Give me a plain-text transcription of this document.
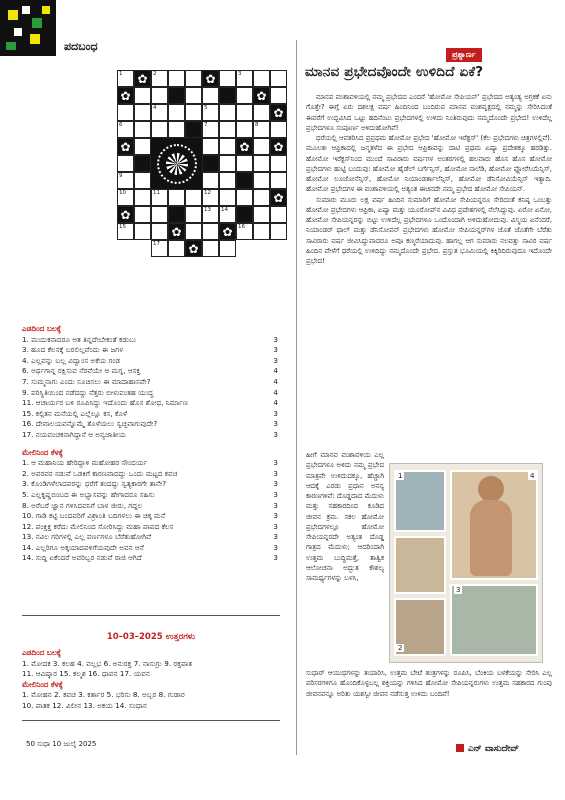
ಪದಬಂಧ
1 ✿ 2	✿	3
✿	✿
4	5	✿
6	7	8
✿	✿ ✿
9
10	11	12	✿
✿	13 14
15	✿	✿ 16
17 ✿
ಎಡದಿಂದ ಬಲಕ್ಕೆ
1. ಮುದುಕನಾದರೂ ಆತ ತಿನ್ನದೇಬೇಕಂತೆ ಕಡುಬು	3
3. ಹೂದ ಕೆಲಸಕ್ಕೆ ಬರಲಿಲ್ಲವೆಂದು ಈ ಜಗಳ	3
4. ಎಲ್ಲವನ್ನು ಬಲ್ಲ ವಿದ್ವಾಂಸ ಅಕೆಯ ಗಂಡ	3
6. ಅರ್ಥಗಾನ್ನ ರಕ್ಷಿಸುವ ನೆರವೆಯೇ ಆ ಮಗ್ನ, ಆಸಕ್ತ	4
7. ಸುಮ್ಮನಾಗು ಎಂದು ಸೂಚಿಸಲು ಈ ಮಾದಾಹಾಸವೇ?	4
9. ಪರಿಸ್ಥಿತಿಯಿಂದ ನಡೆದದ್ದು ನೆತ್ತರು ಬೀಳುವಂತಹ ಯುದ್ಧ	4
11. ಆಚಾರ್ಯರ ಬಳಿ ರೂಪಿಸಿದ್ದು ಇದೊಂದು ಹೊಸ ಶೋಧ, ನಿರ್ಮಾಣ	4
15. ಕಲ್ಪಿತನ ಮನೆಯಲ್ಲಿ ಎಲ್ಲೆಲ್ಲೂ ಕಸ, ಕೊಳೆ	3
16. ದೇವಾಲಯವನ್ನೊಮ್ಮೆ ತೊಳೆಯಲು ಸ್ವಚ್ಛವಾಗುವುದೇ?	3
17. ನಯವಂಚಕನಾಗಿದ್ದಾನೆ ಆ ಅನ್ಯಜಾತೀಯ	3
ಮೇಲಿನಿಂದ ಕೆಳಕ್ಕೆ
1. ಆ ಮಹಾನಿಯ ಹೇರಿದ್ದಾಳಿ ಮಹೋಹರ ಸೌಂದರ್ಯ	3
2. ಅವರವರ ನಡುವೆ ಒಡಕಿಗೆ ಕಾರಣವಾದದ್ದು ಒಂದು ಮಟ್ಟದ ಕವಚ	3
3. ಕೊಂಡಿಗಳೆಲಾದವರನ್ನು ಧರೆಗೆ ತಂದದ್ದು ಸ್ವತ್ಯಕಾರಗೇ ತಾನೇ?	3
5. ಎಲ್ಲಕೃಷ್ಣಬಿಂಬದ ಈ ಅಭ್ಯಾಸವನ್ನು ಹೇಗಾದರೂ ಸಹಿಸು	3
8. ಅರೆಬರೆ ಜ್ಞಾನ ಗಳಿಸಿದವನಿಗೆ ಬಾಳ ಜೀರು, ಗದ್ದಲ	3
10. ಗಾಡಿ ಕಟ್ಟಿ ಬಂದವರಿಗೆ ವಿಶ್ರಾಂತಿ ಬದಿಗಳಲು ಈ ಚಿಕ್ಕ ಮನೆ	3
12. ಪಂಕ್ತಿಕ್ತ ಕರೆದು ಮೇಲಿನಿಂದ ಸೋರಿಸಿದ್ದು ಮಹಾ ಪಾಪದ ಕೆಲಸ	3
13. ನವಿಲ ಗರಿಗಳಲ್ಲಿ ಎಲ್ಲ ವರ್ಣಗಳೂ ಬೆರೆತುಹೋಗಿವೆ	3
14. ಎಲ್ಲರಿಗೂ ಅಕ್ಕಯಾದವಳಿಗೆಯವುದೇ ಅವನ ಆನೆ	3
14. ಸುದ್ದಿ ಏಕೆಂದರೆ ಅವರಿಬ್ಬರ ನಡುವೆ ರಾಜಿ ಆಗಿದೆ	3
10–03–2025 ಉತ್ತರಗಳು
ಎಡದಿಂದ ಬಲಕ್ಕೆ
1. ಮೋದಕ 3. ಕಲಹ 4. ವಲ್ಲಭ 6. ಅನುರಕ್ತ 7. ನಾಸುಗ್ರು 9. ರಕ್ತಪಾತ
11. ಆವಿಷ್ಕಾರ 15. ಕಲ್ಮಶ 16. ಧಾವನ 17. ಯವನ
ಮೇಲಿನಿಂದ ಕೆಳಕ್ಕೆ
1. ಮೋಹನ 2. ಕವಚ 3. ಕರ್ತಾರ 5. ಭರಿಸು 8. ಅಬ್ಬರ 8. ಗುಡಾರ
10. ಪಾತಕ 12. ವಿಲೀನ 13. ಅಕಯ 14. ಸಂಧಾನ
50 ಸುಧಾ 10 ಜುಲೈ 2025
ಪ್ರಶ್ನಾರ್ಣ
ಮಾನವ ಪ್ರಭೇದವೊಂದೇ ಉಳಿದಿದೆ ಏಕೆ?

ಮಾನವ ವಂಶಾವಳಿಯಲ್ಲಿ ನಮ್ಮ ಪ್ರಭೇದದ ಎಂದರೆ 'ಹೋಮೋ ಸೇಪಿಯನ್' ಪ್ರಭೇದದ ಅತ್ಯಂತ್ಯ ಅಗ್ರಕಕೆ ಏನು ಗೊತ್ತೇ? ಈಗ್ಗೆ ಏರು ದಶಲಕ್ಷ ವರ್ಷ ಹಿಂದಿನಿಂದ ಬಂದಿರುವ ಮಾನವ ವಂಶವೃಕ್ಷದಲ್ಲಿ ನಮ್ಮನ್ನು ಸೇರಿಸಿದಂತೆ ಈವರೆಗೆ ಉದ್ಭವಿಸಿದ ಒಟ್ಟು ಹದಿನೆಂಟು ಪ್ರಭೇದಗಳಲ್ಲಿ ಉಳಿದು ನಿಂತಿರುವುದು ನಮ್ಮದೊಂದೇ ಪ್ರಭೇದ! ಉಳಿದೆಲ್ಲ ಪ್ರಭೇದಗಳೂ ಸಂಪೂರ್ಣ ಅಳಿದುಹೋಗಿವೆ!

ಧರೆಯಲ್ಲಿ ಆವತರಿಸಿದ ಪ್ರಪ್ರಥಮ ಹೋಮೋ ಪ್ರಭೇದ 'ಹೋಮೋ ಇರೆಕ್ಟಸ್' (ಕೆಲ ಪ್ರಭೇದಗಳು ಚಿತ್ರಗಳಲ್ಲಿವೆ). ಮೂಲತಃ ಆಫ್ರಿಕಾದಲ್ಲಿ ಜನ್ಮತಳೆದ ಈ ಪ್ರಭೇದ ಆಫ್ರಿಕಾವನ್ನು ದಾಟಿ ಪ್ರಥಮ ಏಷ್ಯಾ ಪ್ರದೇಶಕ್ಕೂ ಹರಡಿತ್ತು. ಹೋಮೋ ಇರೆಕ್ಟಸ್‌ನಿಂದ ಮುಂದೆ ಸಾವಿರಾರು ವರ್ಷಗಳ ಅಂತರಗಳಲ್ಲಿ ಹಲವಾರು ಹೊಸ ಹೊಸ ಹೋಮೋ ಪ್ರಭೇದಗಳು ಹುಟ್ಟಿ ಬಂದುವು: ಹೋಮೋ ಹೈಡೆಲ್ ಬರ್ಗೆನ್ಸಿಸ್, ಹೋಮೋ ನಾಲೆಡಿ, ಹೋಮೋ ಫ್ಲೋರೆಸಿಯೆನ್ಸಿಸ್, ಹೋಮೋ ಲೂಜೋನೆನ್ಸಿಸ್, ಹೋಮೋ ನಿಯಾಂಡರ್ತಾಲೆನ್ಸಿಸ್, ಹೋಮೋ ಡೆನಿಸೋವಿಯೆನ್ಸಿಸ್ ಇತ್ಯಾದಿ. ಹೋಮೋ ಪ್ರಭೇದಗಳ ಈ ವಂಶಾವಳಿಯಲ್ಲಿ ಅತ್ಯಂತ ಈಚಿನದೇ ನಮ್ಮ ಪ್ರಭೇದ ಹೋಮೋ ಸೇಪಿಯನ್.

ಸುಮಾರು ಮೂರು ಲಕ್ಷ ವರ್ಷ ಹಿಂದಿನ ಸುಮಾರಿಗೆ ಹೋಮೋ ಸೇಪಿಯನ್ನರೂ ಸೇರಿದಂತೆ ಕನಿಷ್ಠ ಒಂಬತ್ತು ಹೋಮೋ ಪ್ರಭೇದಗಳು ಆಫ್ರಿಕಾ, ಏಷ್ಯಾ ಮತ್ತು ಯೂರೋಪ್‌ನ ವಿವಿಧ ಪ್ರದೇಶಗಳಲ್ಲಿ ನೆಲೆಸಿದ್ದುವು. ಏರೋ ಏನೋ, ಹೋಮೋ ಸೇಪಿಯನ್ನರನ್ನು ಬಿಟ್ಟು ಉಳಿದೆಲ್ಲ ಪ್ರಭೇದಗಳೂ ಒಂದೊಂದಾಗಿ ಅಳಿದುಹೋದುವು. ವಿಸ್ಮಯ ಏನೆಂದರೆ, ನಿಯಾಂಡರ್ ಥಾಲ್ ಮತ್ತು ಡೆನಿಸೋವನ್ ಪ್ರಭೇದಗಳು ಹೋಮೋ ಸೇಪಿಯನ್ನರ್‌ಗಳ ಜೊತೆ ಜೊತೆಗೇ ಬೆರೆತು ಸಾವಿರಾರು ವರ್ಷ ಜೀವಿಸಿದ್ದುವಾದರೂ ಅವೂ ಕಣ್ಮರೆಯಾದುವು. ಹಾಗಲ್ಲ ಆಗ ಸುಮಾರು ನಲವತ್ತು ಸಾವಿರ ವರ್ಷ ಹಿಂದಿನ ವೇಳೆಗೆ ಧರೆಯಲ್ಲಿ ಉಳಿದಿದ್ದು ನಮ್ಮದೊಂದೇ ಪ್ರಭೇದ. ಪ್ರಸ್ತುತ ಭೂಮಿಯಲ್ಲಿ ಕಿಕ್ಕಿರಿದಿರುವುದೂ ಇದೊಂದೇ ಪ್ರಭೇದ!

ಹೀಗೆ ಮಾನವ ವಂಶಾವಳಿಯ ಎಲ್ಲ ಪ್ರಭೇದಗಳೂ ಅಳಿದು ನಮ್ಮ ಪ್ರಭೇದ ಮಾತ್ರವೇ ಉಳಿದುದಕ್ಕೂ, ಹೆಚ್ಚಾಗಿ ಆದಕ್ಕೆ ಎರಡು ಪ್ರಧಾನ ಅನನ್ಯ ಕಾರಣಗಳಿವೆ: ದೊಡ್ಡದಾದ ಮೆದುಳು ಮತ್ತು ಸಹಕಾರದಿಂದ ಕೂಡಿದ ಜೀವನ ಕ್ರಮ. ಸಕಲ ಹೋಮೋ ಪ್ರಭೇದಗಳಲ್ಲೂ ಹೋಮೋ ಸೇಪಿಯನ್ನರದೇ ಅತ್ಯಂತ ದೊಡ್ಡ ಗಾತ್ರದ ಮೆದುಳು; ಆದರಿಂದಾಗಿ ಉತ್ತಮ ಬುದ್ಧಿಮತ್ತೆ, ತಾತ್ವಿಕ ಆಲೋಚನಾ ಅದ್ಭುತ ಕೌಶಲ್ಯ ಸಾಮರ್ಥ್ಯಗಳನ್ನು ಬಳಸಿ,
1
2
3
4
ಸುಧಾರ್ ಆಯುಧಗಳನ್ನು ತಯಾರಿಸಿ, ಉತ್ತಮ ಬೇಟೆ ತಂತ್ರಗಳನ್ನು ರೂಪಿಸಿ, ಬೆಂಕಿಯ ಬಳಕೆಯನ್ನು ಸೇರಿಸಿ ಎಲ್ಲ ಪರಿಸರಗಳಿಗೂ ಹೊಂದಿಕೊಳ್ಳಬಲ್ಲ ಶಕ್ತಿಯನ್ನು ಗಳಿಸಿದ ಹೋಮೋ ಸೇಪಿಯನ್ನರುಗಳು ಉತ್ತಮ ಸಹಕಾರದ ಗುಂಪು ಜೀವನವನ್ನೂ ಅರಿತು ಯಶಸ್ವೀ ಜೀವನ ನಡೆಸುತ್ತ ಉಳಿದು ಬಂದಿವೆ!
ಎನ್ ವಾಸುದೇವ್
